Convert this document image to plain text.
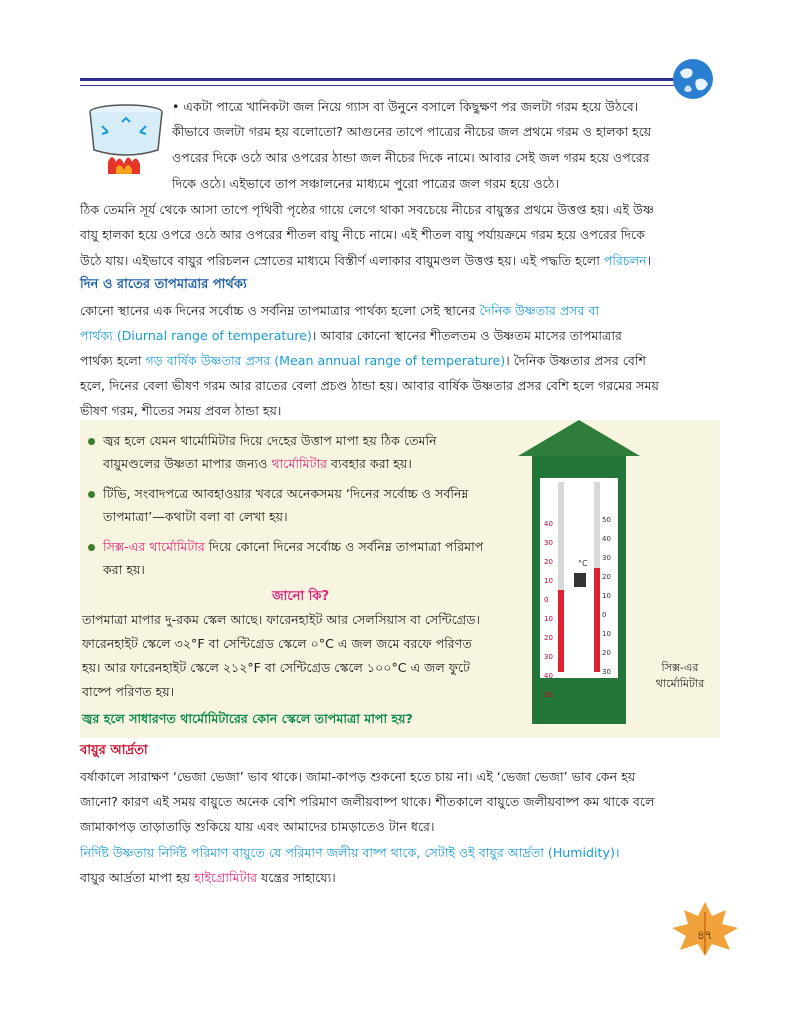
• একটা পাত্রে খানিকটা জল নিয়ে গ্যাস বা উনুনে বসালে কিছুক্ষণ পর জলটা গরম হয়ে উঠবে।
কীভাবে জলটা গরম হয় বলোতো? আগুনের তাপে পাত্রের নীচের জল প্রথমে গরম ও হালকা হয়ে
ওপরের দিকে ওঠে আর ওপরের ঠান্ডা জল নীচের দিকে নামে। আবার সেই জল গরম হয়ে ওপরের
দিকে ওঠে। এইভাবে তাপ সঞ্চালনের মাধ্যমে পুরো পাত্রের জল গরম হয়ে ওঠে।
ঠিক তেমনি সূর্য থেকে আসা তাপে পৃথিবী পৃষ্ঠের গায়ে লেগে থাকা সবচেয়ে নীচের বায়ুস্তর প্রথমে উত্তপ্ত হয়। এই উষ্ণ
বায়ু হালকা হয়ে ওপরে ওঠে আর ওপরের শীতল বায়ু নীচে নামে। এই শীতল বায়ু পর্যায়ক্রমে গরম হয়ে ওপরের দিকে
উঠে যায়। এইভাবে বায়ুর পরিচলন স্রোতের মাধ্যমে বিস্তীর্ণ এলাকার বায়ুমণ্ডল উত্তপ্ত হয়। এই পদ্ধতি হলো পরিচলন।
দিন ও রাতের তাপমাত্রার পার্থক্য
কোনো স্থানের এক দিনের সর্বোচ্চ ও সর্বনিম্ন তাপমাত্রার পার্থক্য হলো সেই স্থানের দৈনিক উষ্ণতার প্রসর বা
পার্থক্য (Diurnal range of temperature)। আবার কোনো স্থানের শীতলতম ও উষ্ণতম মাসের তাপমাত্রার
পার্থক্য হলো গড় বার্ষিক উষ্ণতার প্রসর (Mean annual range of temperature)। দৈনিক উষ্ণতার প্রসর বেশি
হলে, দিনের বেলা ভীষণ গরম আর রাতের বেলা প্রচণ্ড ঠান্ডা হয়। আবার বার্ষিক উষ্ণতার প্রসর বেশি হলে গরমের সময়
ভীষণ গরম, শীতের সময় প্রবল ঠান্ডা হয়।
জ্বর হলে যেমন থার্মোমিটার দিয়ে দেহের উত্তাপ মাপা হয় ঠিক তেমনি
বায়ুমণ্ডলের উষ্ণতা মাপার জন্যও থার্মোমিটার ব্যবহার করা হয়।
টিভি, সংবাদপত্রে আবহাওয়ার খবরে অনেকসময় ‘দিনের সর্বোচ্চ ও সর্বনিম্ন
তাপমাত্রা’—কথাটা বলা বা লেখা হয়।
সিক্স-এর থার্মোমিটার দিয়ে কোনো দিনের সর্বোচ্চ ও সর্বনিম্ন তাপমাত্রা পরিমাপ
করা হয়।
জানো কি?
তাপমাত্রা মাপার দু-রকম স্কেল আছে। ফারেনহাইট আর সেলসিয়াস বা সেন্টিগ্রেড।
ফারেনহাইট স্কেলে ৩২°F বা সেন্টিগ্রেড স্কেলে ০°C এ জল জমে বরফে পরিণত
হয়। আর ফারেনহাইট স্কেলে ২১২°F বা সেন্টিগ্রেড স্কেলে ১০০°C এ জল ফুটে
বাষ্পে পরিণত হয়।
জ্বর হলে সাধারণত থার্মোমিটারের কোন স্কেলে তাপমাত্রা মাপা হয়?
40
30
20
10
0
10
20
30
40
50
50
40
30
20
10
0
10
20
30
°C
সিক্স-এর
থার্মোমিটার
বায়ুর আর্দ্রতা
বর্ষাকালে সারাক্ষণ ‘ভেজা ভেজা’ ভাব থাকে। জামা-কাপড় শুকনো হতে চায় না। এই ‘ভেজা ভেজা’ ভাব কেন হয়
জানো? কারণ এই সময় বায়ুতে অনেক বেশি পরিমাণ জলীয়বাষ্প থাকে। শীতকালে বায়ুতে জলীয়বাষ্প কম থাকে বলে
জামাকাপড় তাড়াতাড়ি শুকিয়ে যায় এবং আমাদের চামড়াতেও টান ধরে।
নির্দিষ্ট উষ্ণতায় নির্দিষ্ট পরিমাণ বায়ুতে যে পরিমাণ জলীয় বাষ্প থাকে, সেটাই ওই বায়ুর আর্দ্রতা (Humidity)।
বায়ুর আর্দ্রতা মাপা হয় হাইগ্রোমিটার যন্ত্রের সাহায্যে।
৪৭
